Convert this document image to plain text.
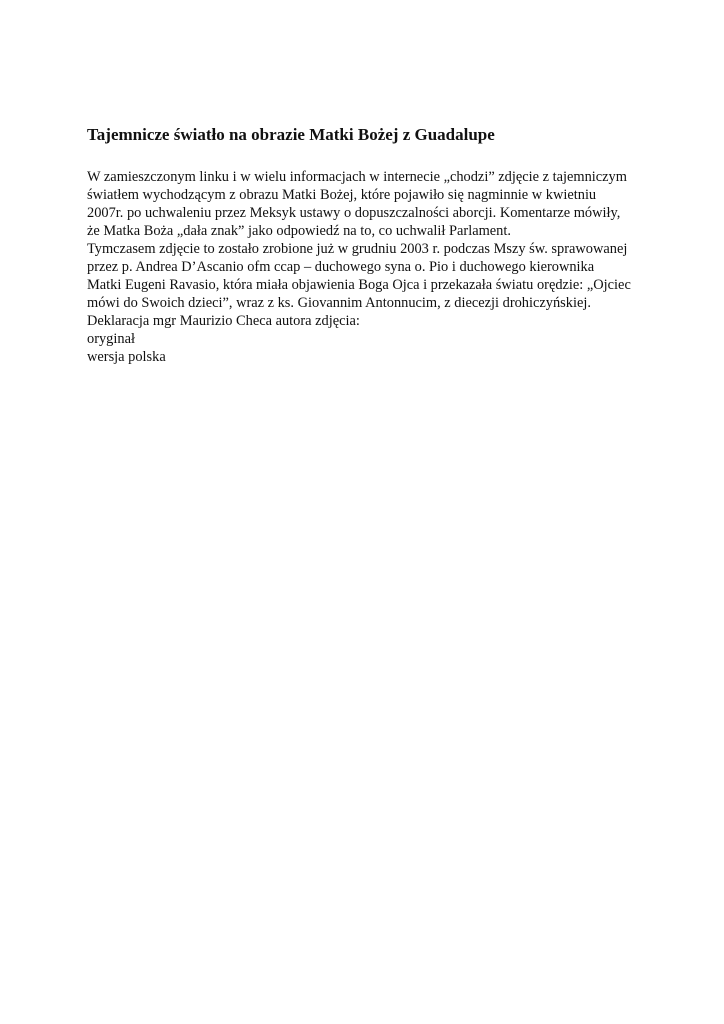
Tajemnicze światło na obrazie Matki Bożej z Guadalupe
W zamieszczonym linku i w wielu informacjach w internecie „chodzi” zdjęcie z tajemniczym
światłem wychodzącym z obrazu Matki Bożej, które pojawiło się nagminnie w kwietniu
2007r. po uchwaleniu przez Meksyk ustawy o dopuszczalności aborcji. Komentarze mówiły,
że Matka Boża „dała znak” jako odpowiedź na to, co uchwalił Parlament.
Tymczasem zdjęcie to zostało zrobione już w grudniu 2003 r. podczas Mszy św. sprawowanej
przez p. Andrea D’Ascanio ofm ccap – duchowego syna o. Pio i duchowego kierownika
Matki Eugeni Ravasio, która miała objawienia Boga Ojca i przekazała światu orędzie: „Ojciec
mówi do Swoich dzieci”, wraz z ks. Giovannim Antonnucim, z diecezji drohiczyńskiej.
Deklaracja mgr Maurizio Checa autora zdjęcia:
oryginał
wersja polska
